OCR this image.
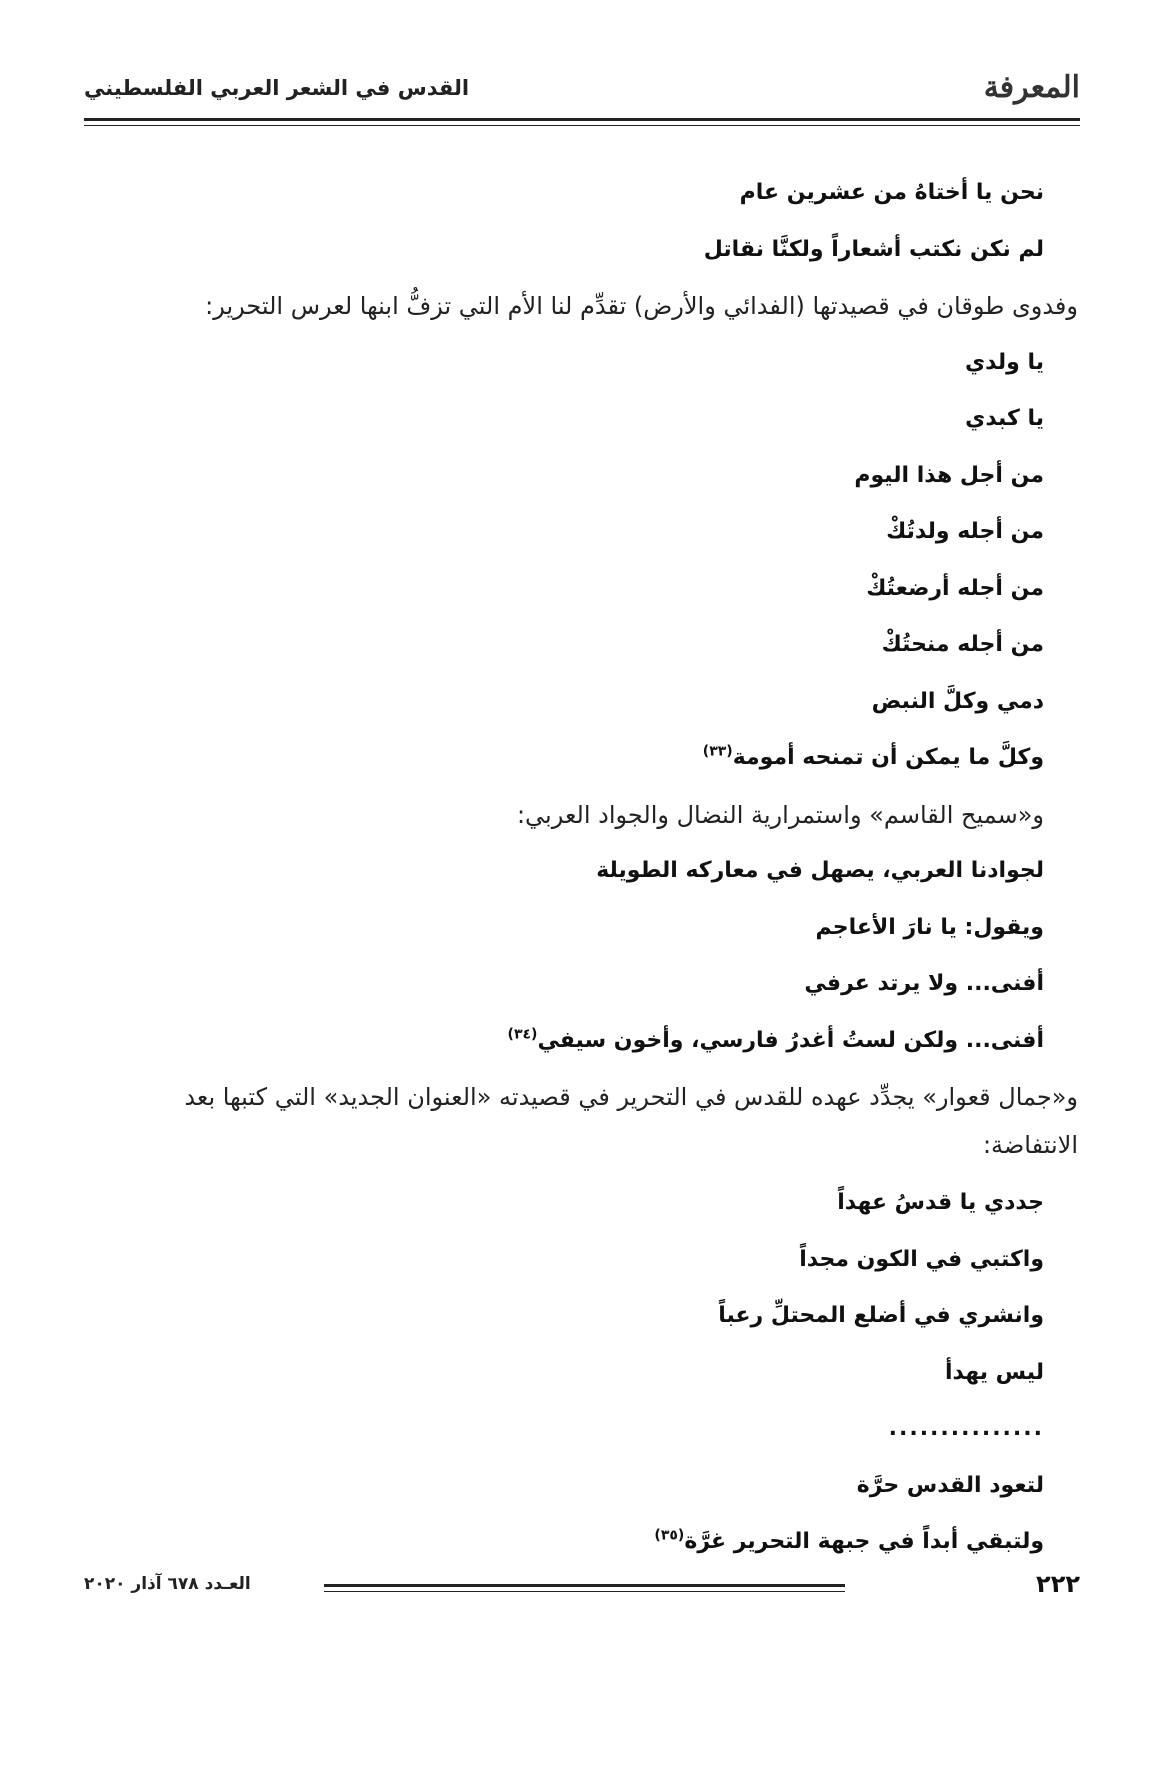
المعرفة
القدس في الشعر العربي الفلسطيني
نحن يا أختاهُ من عشرين عام
لم نكن نكتب أشعاراً ولكنَّا نقاتل
وفدوى طوقان في قصيدتها (الفدائي والأرض) تقدِّم لنا الأم التي تزفُّ ابنها لعرس التحرير:
يا ولدي
يا كبدي
من أجل هذا اليوم
من أجله ولدتُكْ
من أجله أرضعتُكْ
من أجله منحتُكْ
دمي وكلَّ النبض
وكلَّ ما يمكن أن تمنحه أمومة$^{(٣٣)}$
و«سميح القاسم» واستمرارية النضال والجواد العربي:
لجوادنا العربي، يصهل في معاركه الطويلة
ويقول: يا نارَ الأعاجم
أفنى... ولا يرتد عرفي
أفنى... ولكن لستُ أغدرُ فارسي، وأخون سيفي$^{(٣٤)}$
و«جمال قعوار» يجدِّد عهده للقدس في التحرير في قصيدته «العنوان الجديد» التي كتبها بعد الانتفاضة:
جددي يا قدسُ عهداً
واكتبي في الكون مجداً
وانشري في أضلع المحتلِّ رعباً
ليس يهدأ
...............
لتعود القدس حرَّة
ولتبقي أبداً في جبهة التحرير غرَّة$^{(٣٥)}$
٢٢٢
العـدد ٦٧٨ آذار ٢٠٢٠
